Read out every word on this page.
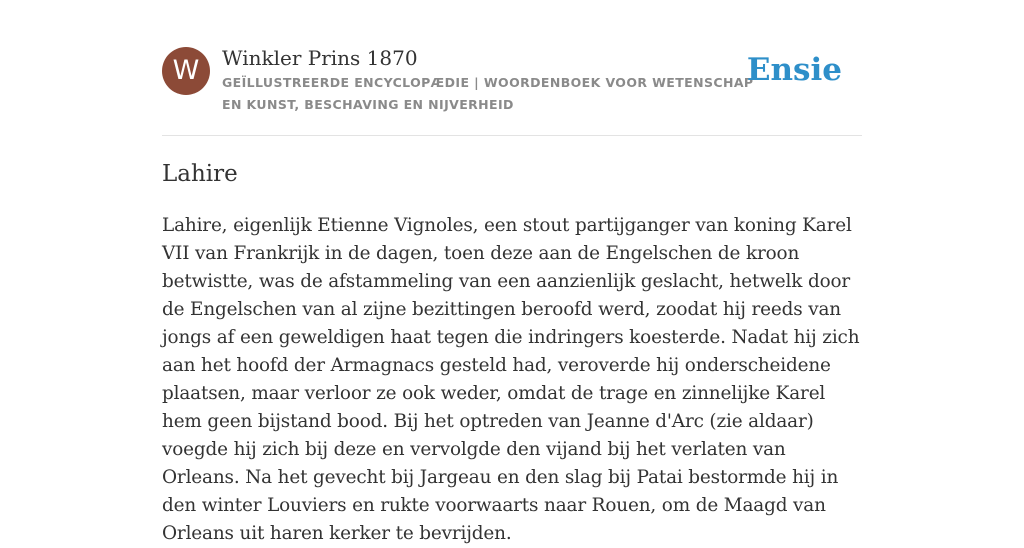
W	Winkler Prins 1870
GEÏLLUSTREERDE ENCYCLOPÆDIE | WOORDENBOEK VOOR WETENSCHAP EN KUNST, BESCHAVING EN NIJVERHEID
Ensie
Lahire

Lahire, eigenlijk Etienne Vignoles, een stout partijganger van koning Karel VII van Frankrijk in de dagen, toen deze aan de Engelschen de kroon betwistte, was de afstammeling van een aanzienlijk geslacht, hetwelk door de Engelschen van al zijne bezittingen beroofd werd, zoodat hij reeds van jongs af een geweldigen haat tegen die indringers koesterde. Nadat hij zich aan het hoofd der Armagnacs gesteld had, veroverde hij onderscheidene plaatsen, maar verloor ze ook weder, omdat de trage en zinnelijke Karel hem geen bijstand bood. Bij het optreden van Jeanne d'Arc (zie aldaar) voegde hij zich bij deze en vervolgde den vijand bij het verlaten van Orleans. Na het gevecht bij Jargeau en den slag bij Patai bestormde hij in den winter Louviers en rukte voorwaarts naar Rouen, om de Maagd van Orleans uit haren kerker te bevrijden.
